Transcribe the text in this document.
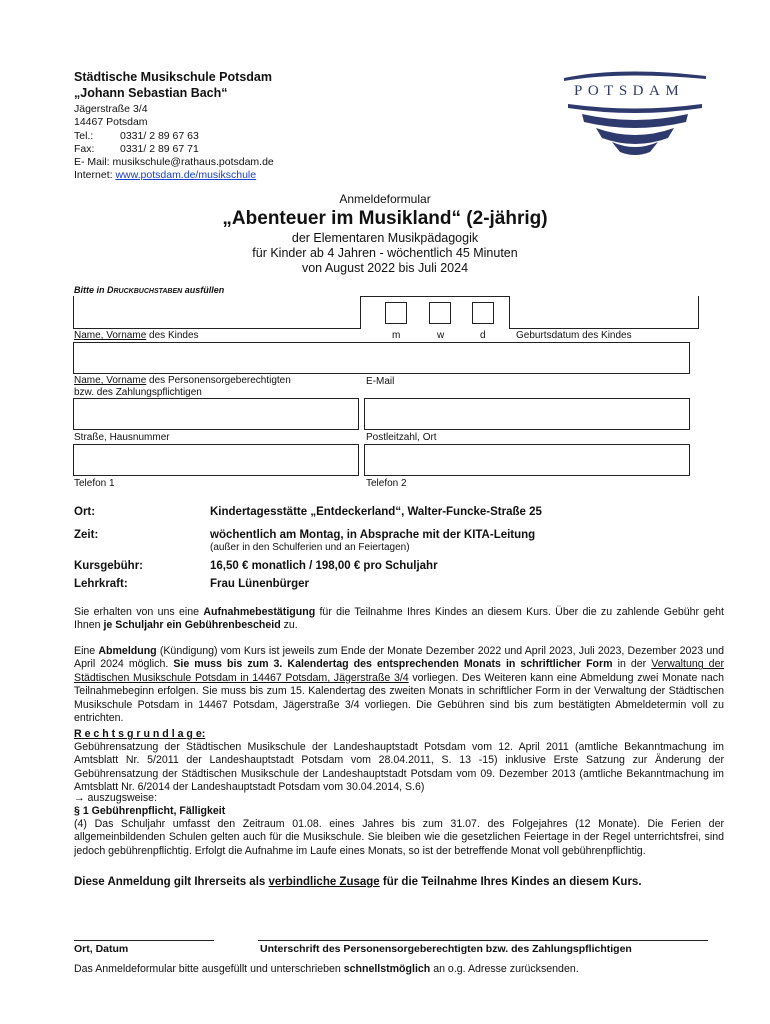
Städtische Musikschule Potsdam
„Johann Sebastian Bach“
Jägerstraße 3/4
14467 Potsdam
Tel.:	0331/ 2 89 67 63
Fax: 0331/ 2 89 67 71
E- Mail: musikschule@rathaus.potsdam.de
Internet: www.potsdam.de/musikschule
POTSDAM
Anmeldeformular
„Abenteuer im Musikland“ (2-jährig)
der Elementaren Musikpädagogik
für Kinder ab 4 Jahren - wöchentlich 45 Minuten
von August 2022 bis Juli 2024
Bitte in DRUCKBUCHSTABEN ausfüllen
Name, Vorname des Kindes	m	w	d	Geburtsdatum des Kindes
Name, Vorname des Personensorgeberechtigten
bzw. des Zahlungspflichtigen
E-Mail
Straße, Hausnummer	Postleitzahl, Ort
Telefon 1	Telefon 2
Ort:	Kindertagesstätte „Entdeckerland“, Walter-Funcke-Straße 25
Zeit:	wöchentlich am Montag, in Absprache mit der KITA-Leitung
(außer in den Schulferien und an Feiertagen)
Kursgebühr:	16,50 € monatlich / 198,00 € pro Schuljahr
Lehrkraft:	Frau Lünenbürger

Sie erhalten von uns eine Aufnahmebestätigung für die Teilnahme Ihres Kindes an diesem Kurs. Über die zu zahlende Gebühr geht Ihnen je Schuljahr ein Gebührenbescheid zu.

Eine Abmeldung (Kündigung) vom Kurs ist jeweils zum Ende der Monate Dezember 2022 und April 2023, Juli 2023, Dezember 2023 und April 2024 möglich. Sie muss bis zum 3. Kalendertag des entsprechenden Monats in schriftlicher Form in der Verwaltung der Städtischen Musikschule Potsdam in 14467 Potsdam, Jägerstraße 3/4 vorliegen. Des Weiteren kann eine Abmeldung zwei Monate nach Teilnahmebeginn erfolgen. Sie muss bis zum 15. Kalendertag des zweiten Monats in schriftlicher Form in der Verwaltung der Städtischen Musikschule Potsdam in 14467 Potsdam, Jägerstraße 3/4 vorliegen. Die Gebühren sind bis zum bestätigten Abmeldetermin voll zu entrichten.

R e c h t s g r u n d l a g e:

Gebührensatzung der Städtischen Musikschule der Landeshauptstadt Potsdam vom 12. April 2011 (amtliche Bekanntmachung im Amtsblatt Nr. 5/2011 der Landeshauptstadt Potsdam vom 28.04.2011, S. 13 -15) inklusive Erste Satzung zur Änderung der Gebührensatzung der Städtischen Musikschule der Landeshauptstadt Potsdam vom 09. Dezember 2013 (amtliche Bekanntmachung im Amtsblatt Nr. 6/2014 der Landeshauptstadt Potsdam vom 30.04.2014, S.6)

→ auszugsweise:
§ 1 Gebührenpflicht, Fälligkeit

(4) Das Schuljahr umfasst den Zeitraum 01.08. eines Jahres bis zum 31.07. des Folgejahres (12 Monate). Die Ferien der allgemeinbildenden Schulen gelten auch für die Musikschule. Sie bleiben wie die gesetzlichen Feiertage in der Regel unterrichtsfrei, sind jedoch gebührenpflichtig. Erfolgt die Aufnahme im Laufe eines Monats, so ist der betreffende Monat voll gebührenpflichtig.

Diese Anmeldung gilt Ihrerseits als verbindliche Zusage für die Teilnahme Ihres Kindes an diesem Kurs.
Ort, Datum	Unterschrift des Personensorgeberechtigten bzw. des Zahlungspflichtigen
Das Anmeldeformular bitte ausgefüllt und unterschrieben schnellstmöglich an o.g. Adresse zurücksenden.
